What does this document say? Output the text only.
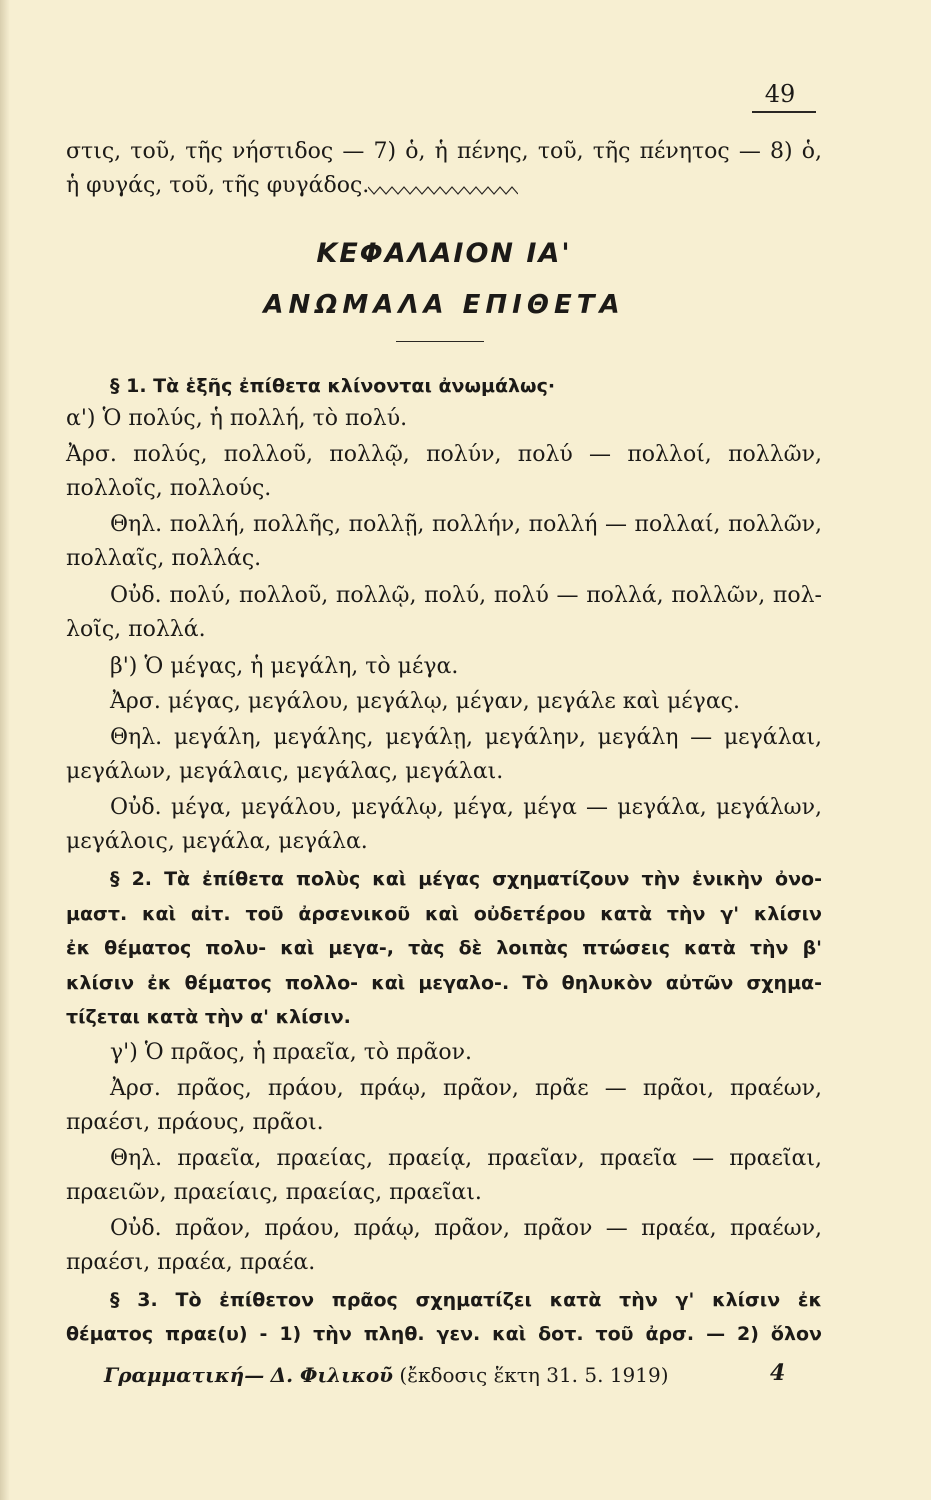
49
στις, τοῦ, τῆς νήστιδος — 7) ὁ, ἡ πένης, τοῦ, τῆς πένητος — 8) ὁ,
ἡ φυγάς, τοῦ, τῆς φυγάδος.
ΚΕΦΑΛΑΙΟΝ ΙΑ'
ΑΝΩΜΑΛΑ ΕΠΙΘΕΤΑ
§ 1. Τὰ ἑξῆς ἐπίθετα κλίνονται ἀνωμάλως·
α') Ὁ πολύς, ἡ πολλή, τὸ πολύ.
Ἀρσ. πολύς, πολλοῦ, πολλῷ, πολύν, πολύ — πολλοί, πολλῶν,
πολλοῖς, πολλούς.
Θηλ. πολλή, πολλῆς, πολλῇ, πολλήν, πολλή — πολλαί, πολλῶν,
πολλαῖς, πολλάς.
Οὐδ. πολύ, πολλοῦ, πολλῷ, πολύ, πολύ — πολλά, πολλῶν, πολ-
λοῖς, πολλά.
β') Ὁ μέγας, ἡ μεγάλη, τὸ μέγα.
Ἀρσ. μέγας, μεγάλου, μεγάλῳ, μέγαν, μεγάλε καὶ μέγας.
Θηλ. μεγάλη, μεγάλης, μεγάλῃ, μεγάλην, μεγάλη — μεγάλαι,
μεγάλων, μεγάλαις, μεγάλας, μεγάλαι.
Οὐδ. μέγα, μεγάλου, μεγάλῳ, μέγα, μέγα — μεγάλα, μεγάλων,
μεγάλοις, μεγάλα, μεγάλα.
§ 2. Τὰ ἐπίθετα πολὺς καὶ μέγας σχηματίζουν τὴν ἑνικὴν ὀνο-
μαστ. καὶ αἰτ. τοῦ ἀρσενικοῦ καὶ οὐδετέρου κατὰ τὴν γ' κλίσιν
ἐκ θέματος πολυ- καὶ μεγα-, τὰς δὲ λοιπὰς πτώσεις κατὰ τὴν β'
κλίσιν ἐκ θέματος πολλο- καὶ μεγαλο-. Τὸ θηλυκὸν αὐτῶν σχημα-
τίζεται κατὰ τὴν α' κλίσιν.
γ') Ὁ πρᾶος, ἡ πραεῖα, τὸ πρᾶον.
Ἀρσ. πρᾶος, πράου, πράῳ, πρᾶον, πρᾶε — πρᾶοι, πραέων,
πραέσι, πράους, πρᾶοι.
Θηλ. πραεῖα, πραείας, πραείᾳ, πραεῖαν, πραεῖα — πραεῖαι,
πραειῶν, πραείαις, πραείας, πραεῖαι.
Οὐδ. πρᾶον, πράου, πράῳ, πρᾶον, πρᾶον — πραέα, πραέων,
πραέσι, πραέα, πραέα.
§ 3. Τὸ ἐπίθετον πρᾶος σχηματίζει κατὰ τὴν γ' κλίσιν ἐκ
θέματος πραε(υ) - 1) τὴν πληθ. γεν. καὶ δοτ. τοῦ ἀρσ. — 2) ὅλον
Γραμματική— Δ. Φιλικοῦ (ἔκδοσις ἕκτη 31. 5. 1919)	4
